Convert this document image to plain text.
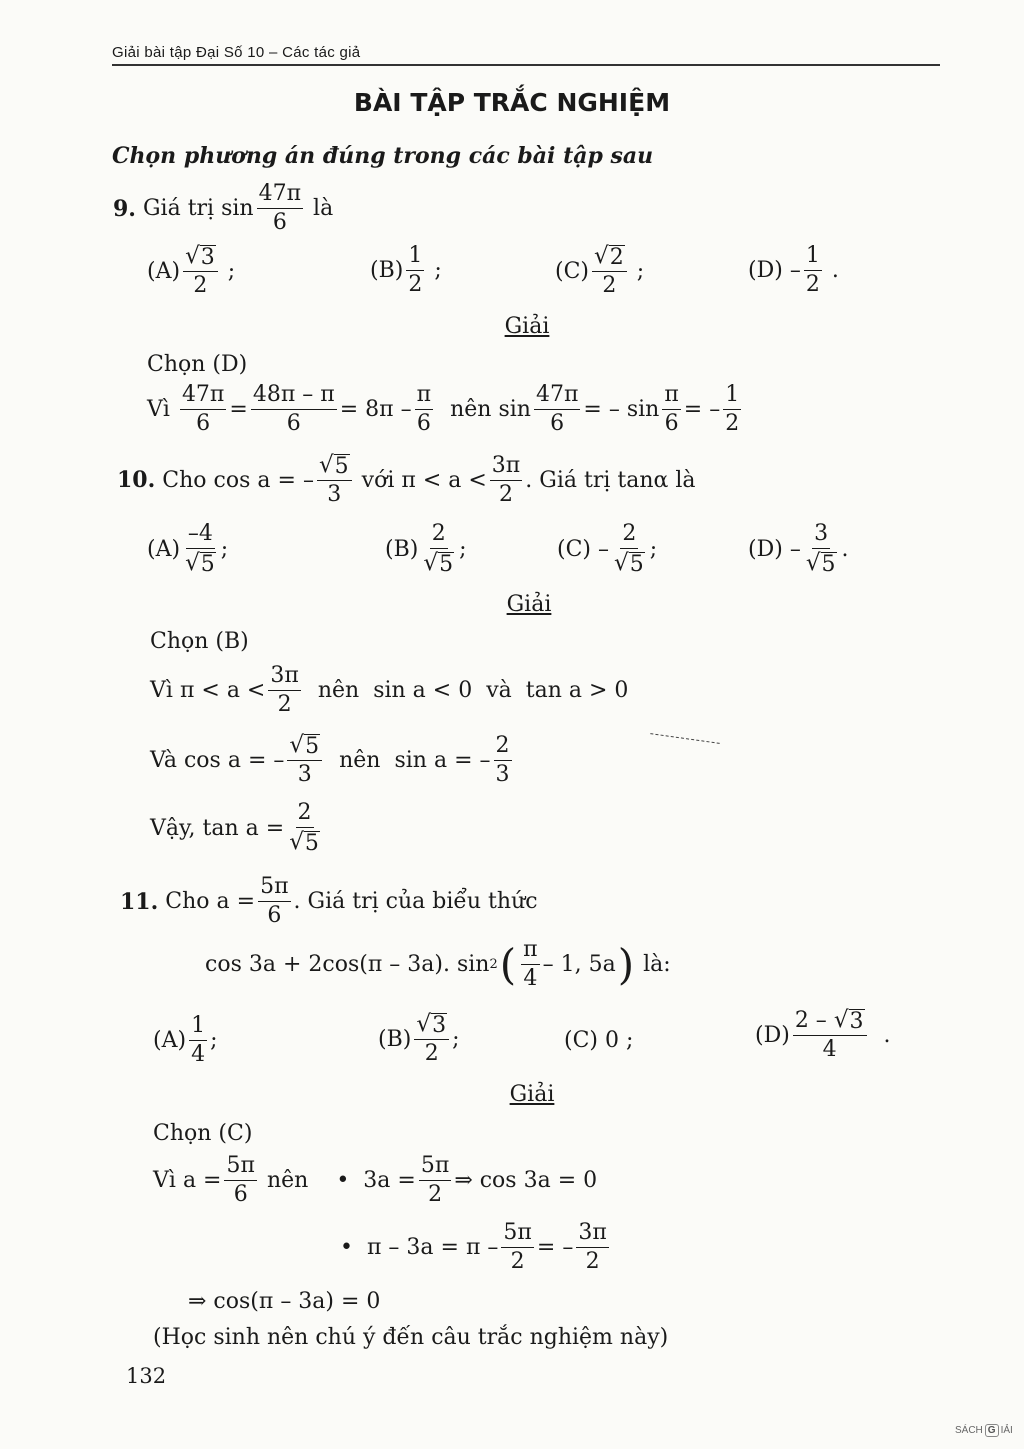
Giải bài tập Đại Số 10 – Các tác giả
BÀI TẬP TRẮC NGHIỆM
Chọn phương án đúng trong các bài tập sau
9.
Giá trị
$\sin \frac{47\pi}{6}$
là
$(A) \frac{√ 3}{2}$
;	$(B) \frac{1}{2}$
;	$(C) \frac{√ 2}{2}$
;	(D)
– $\frac{1}{2}$
.
Giải
Chọn (D)
Vì
$\frac{47\pi}{6} = \frac{48\pi - \pi}{6} = 8\pi - \frac{\pi}{6}$ nên
$\sin \frac{47\pi}{6}$ = – $\sin \frac{\pi}{6}$ =
– $\frac{1}{2}$
10.
Cho
cos a =
– $\frac{√ 5}{3}$
với
$\pi < a < \frac{3\pi}{2}$ . Giá trị tanα là
$(A) \frac{-4}{√ 5}$ ;	$(B) \frac{2}{√ 5}$ ;	(C)
– $\frac{2}{√ 5}$ ;	(D)
– $\frac{3}{√ 5}$ .
Giải
Chọn (B)
Vì
$\pi < a < \frac{3\pi}{2}$ nên sin a < 0 và tan a > 0
Và
cos a =
– $\frac{√ 5}{3}$ nên sin a =
– $\frac{2}{3}$
Vậy,
$\tan a = \frac{2}{√ 5}$
11.
Cho
$a = \frac{5\pi}{6}$ . Giá trị của biểu thức
cos 3a + 2cos(π – 3a). sin 2 ( $\frac{\pi}{4} - 1$, 5a )
là:
$(A) \frac{1}{4}$ ;	$(B) \frac{√ 3}{2}$ ;	(C) 0 ;	$(D) \frac{2 - √ 3}{4}$
.
Giải
Chọn (C)
Vì
$a = \frac{5\pi}{6}$
nên •
$3a = \frac{5\pi}{2}$ ⇒ cos 3a = 0
•
$\pi - 3a = \pi - \frac{5\pi}{2}$ =
– $\frac{3\pi}{2}$
⇒ cos(π – 3a) = 0
(Học sinh nên chú ý đến câu trắc nghiệm này)
132
SÁCH G IẢI
